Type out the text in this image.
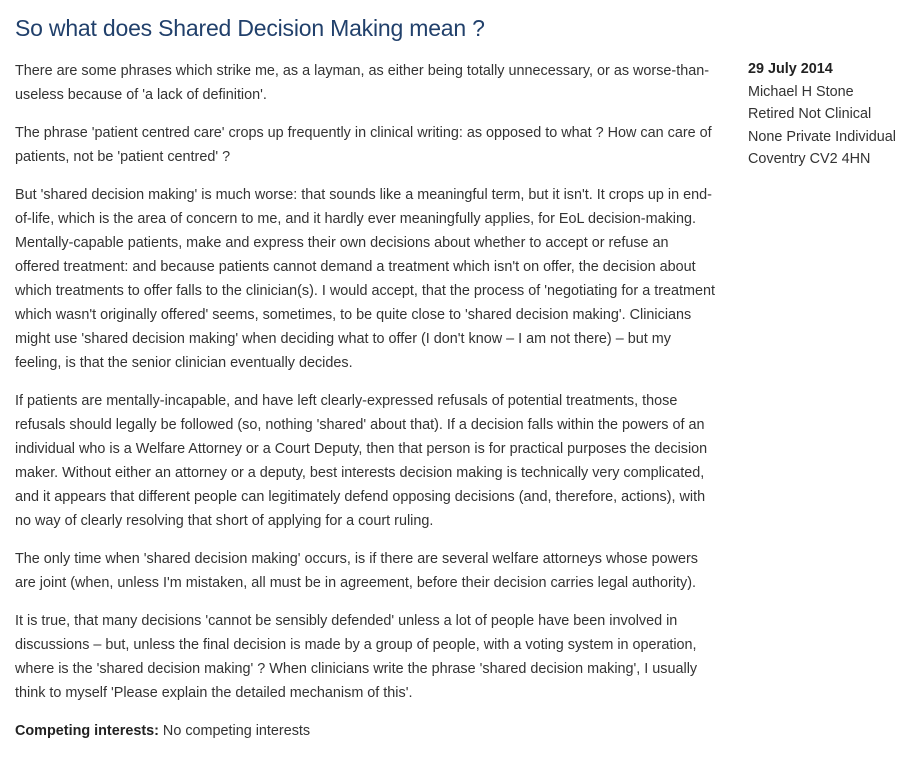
So what does Shared Decision Making mean ?

There are some phrases which strike me, as a layman, as either being totally unnecessary, or as worse-than-useless because of 'a lack of definition'.

The phrase 'patient centred care' crops up frequently in clinical writing: as opposed to what ? How can care of patients, not be 'patient centred' ?

But 'shared decision making' is much worse: that sounds like a meaningful term, but it isn't. It crops up in end-of-life, which is the area of concern to me, and it hardly ever meaningfully applies, for EoL decision-making. Mentally-capable patients, make and express their own decisions about whether to accept or refuse an offered treatment: and because patients cannot demand a treatment which isn't on offer, the decision about which treatments to offer falls to the clinician(s). I would accept, that the process of 'negotiating for a treatment which wasn't originally offered' seems, sometimes, to be quite close to 'shared decision making'. Clinicians might use 'shared decision making' when deciding what to offer (I don't know – I am not there) – but my feeling, is that the senior clinician eventually decides.

If patients are mentally-incapable, and have left clearly-expressed refusals of potential treatments, those refusals should legally be followed (so, nothing 'shared' about that). If a decision falls within the powers of an individual who is a Welfare Attorney or a Court Deputy, then that person is for practical purposes the decision maker. Without either an attorney or a deputy, best interests decision making is technically very complicated, and it appears that different people can legitimately defend opposing decisions (and, therefore, actions), with no way of clearly resolving that short of applying for a court ruling.

The only time when 'shared decision making' occurs, is if there are several welfare attorneys whose powers are joint (when, unless I'm mistaken, all must be in agreement, before their decision carries legal authority).

It is true, that many decisions 'cannot be sensibly defended' unless a lot of people have been involved in discussions – but, unless the final decision is made by a group of people, with a voting system in operation, where is the 'shared decision making' ? When clinicians write the phrase 'shared decision making', I usually think to myself 'Please explain the detailed mechanism of this'.

Competing interests: No competing interests

29 July 2014
Michael H Stone
Retired Not Clinical
None Private Individual
Coventry CV2 4HN
